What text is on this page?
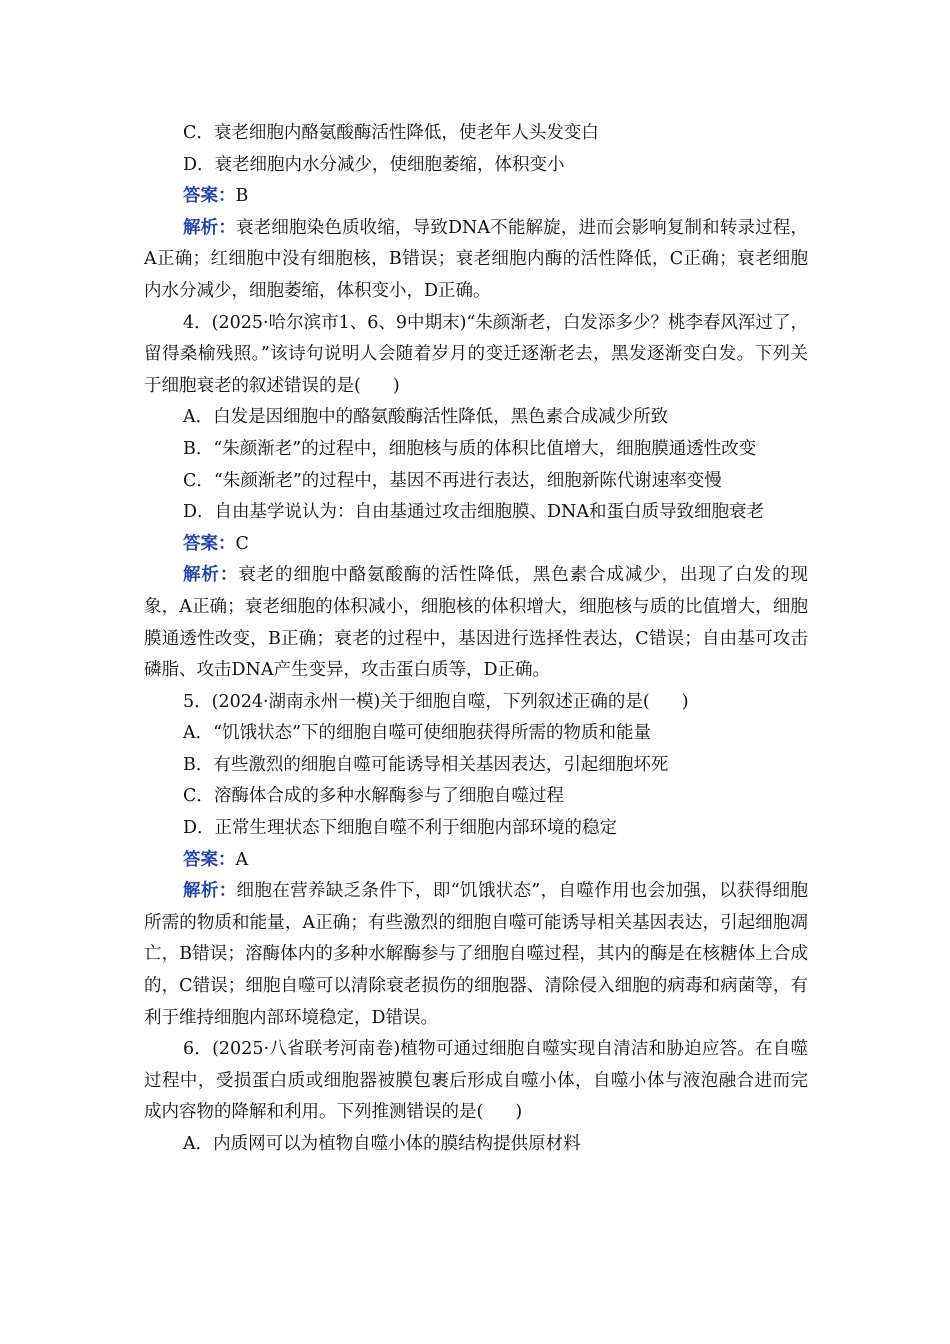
C．衰老细胞内酪氨酸酶活性降低，使老年人头发变白

D．衰老细胞内水分减少，使细胞萎缩，体积变小

答案：B

解析：衰老细胞染色质收缩，导致DNA不能解旋，进而会影响复制和转录过程，A正确；红细胞中没有细胞核，B错误；衰老细胞内酶的活性降低，C正确；衰老细胞内水分减少，细胞萎缩，体积变小，D正确。

4．(2025·哈尔滨市1、6、9中期末)“朱颜渐老，白发添多少？桃李春风浑过了，留得桑榆残照。”该诗句说明人会随着岁月的变迁逐渐老去，黑发逐渐变白发。下列关于细胞衰老的叙述错误的是( )

A．白发是因细胞中的酪氨酸酶活性降低，黑色素合成减少所致

B．“朱颜渐老”的过程中，细胞核与质的体积比值增大，细胞膜通透性改变

C．“朱颜渐老”的过程中，基因不再进行表达，细胞新陈代谢速率变慢

D．自由基学说认为：自由基通过攻击细胞膜、DNA和蛋白质导致细胞衰老

答案：C

解析：衰老的细胞中酪氨酸酶的活性降低，黑色素合成减少，出现了白发的现象，A正确；衰老细胞的体积减小，细胞核的体积增大，细胞核与质的比值增大，细胞膜通透性改变，B正确；衰老的过程中，基因进行选择性表达，C错误；自由基可攻击磷脂、攻击DNA产生变异，攻击蛋白质等，D正确。

5．(2024·湖南永州一模)关于细胞自噬，下列叙述正确的是( )

A．“饥饿状态”下的细胞自噬可使细胞获得所需的物质和能量

B．有些激烈的细胞自噬可能诱导相关基因表达，引起细胞坏死

C．溶酶体合成的多种水解酶参与了细胞自噬过程

D．正常生理状态下细胞自噬不利于细胞内部环境的稳定

答案：A

解析：细胞在营养缺乏条件下，即“饥饿状态”，自噬作用也会加强，以获得细胞所需的物质和能量，A正确；有些激烈的细胞自噬可能诱导相关基因表达，引起细胞凋亡，B错误；溶酶体内的多种水解酶参与了细胞自噬过程，其内的酶是在核糖体上合成的，C错误；细胞自噬可以清除衰老损伤的细胞器、清除侵入细胞的病毒和病菌等，有利于维持细胞内部环境稳定，D错误。

6．(2025·八省联考河南卷)植物可通过细胞自噬实现自清洁和胁迫应答。在自噬过程中，受损蛋白质或细胞器被膜包裹后形成自噬小体，自噬小体与液泡融合进而完成内容物的降解和利用。下列推测错误的是( )

A．内质网可以为植物自噬小体的膜结构提供原材料
